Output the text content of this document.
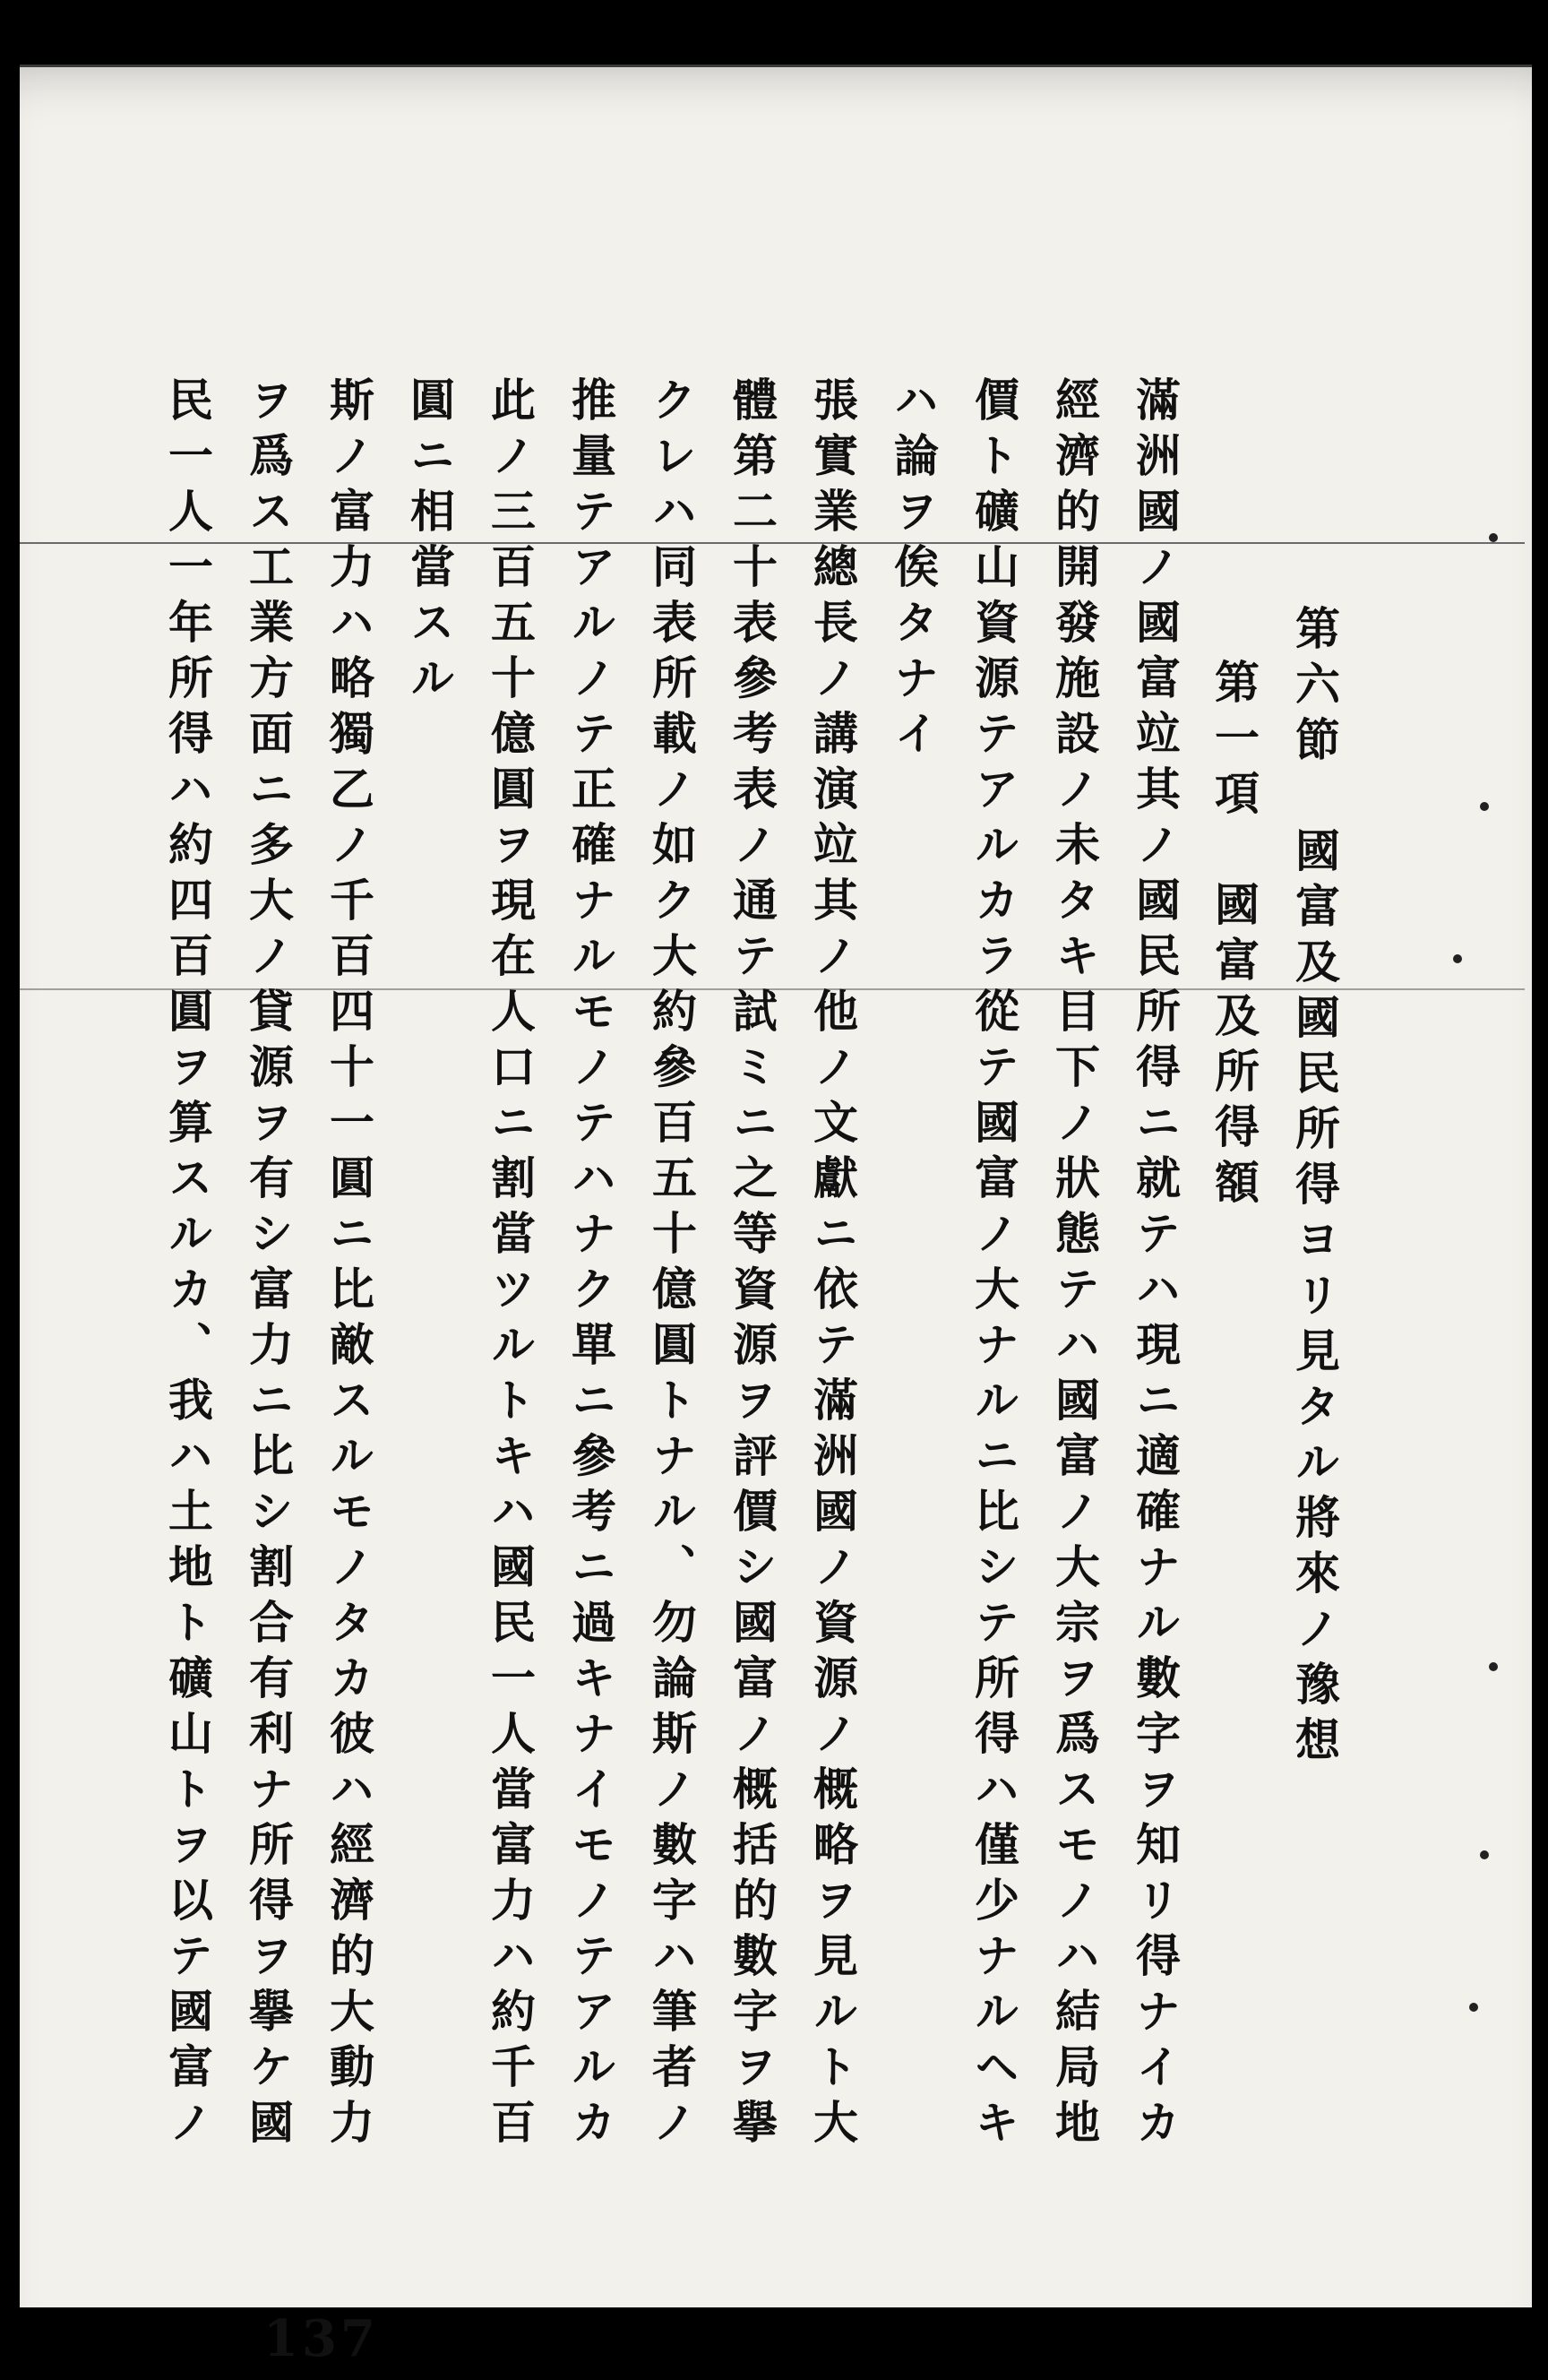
第六節　國富及國民所得ヨリ見タル將來ノ豫想
第一項　國富及所得額
滿洲國ノ國富竝其ノ國民所得ニ就テハ現ニ適確ナル數字ヲ知リ得ナイカ
經濟的開發施設ノ未タキ目下ノ狀態テハ國富ノ大宗ヲ爲スモノハ結局地
價ト礦山資源テアルカラ從テ國富ノ大ナルニ比シテ所得ハ僅少ナルヘキ
ハ論ヲ俟タナイ
張實業總長ノ講演竝其ノ他ノ文獻ニ依テ滿洲國ノ資源ノ概略ヲ見ルト大
體第二十表參考表ノ通テ試ミニ之等資源ヲ評價シ國富ノ概括的數字ヲ擧
クレハ同表所載ノ如ク大約參百五十億圓トナル、勿論斯ノ數字ハ筆者ノ
推量テアルノテ正確ナルモノテハナク單ニ參考ニ過キナイモノテアルカ
此ノ三百五十億圓ヲ現在人口ニ割當ツルトキハ國民一人當富力ハ約千百
圓ニ相當スル
斯ノ富力ハ略獨乙ノ千百四十一圓ニ比敵スルモノタカ彼ハ經濟的大動力
ヲ爲ス工業方面ニ多大ノ貸源ヲ有シ富力ニ比シ割合有利ナ所得ヲ擧ケ國
民一人一年所得ハ約四百圓ヲ算スルカ、我ハ土地ト礦山トヲ以テ國富ノ
137
